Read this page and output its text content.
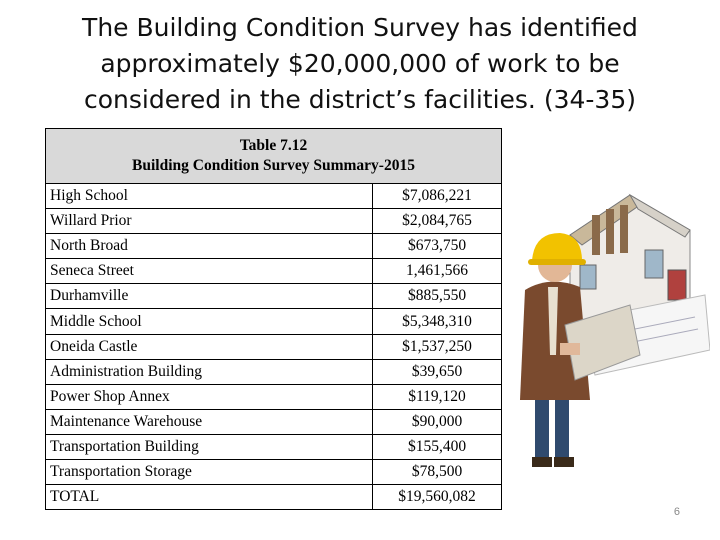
The Building Condition Survey has identified
approximately $20,000,000 of work to be
considered in the district’s facilities. (34-35)
Table 7.12
Building Condition Survey Summary-2015	

High School	$7,086,221
Willard Prior	$2,084,765
North Broad	$673,750
Seneca Street	1,461,566
Durhamville	$885,550
Middle School	$5,348,310
Oneida Castle	$1,537,250
Administration Building	$39,650
Power Shop Annex	$119,120
Maintenance Warehouse	$90,000
Transportation Building	$155,400
Transportation Storage	$78,500
TOTAL	$19,560,082
6
